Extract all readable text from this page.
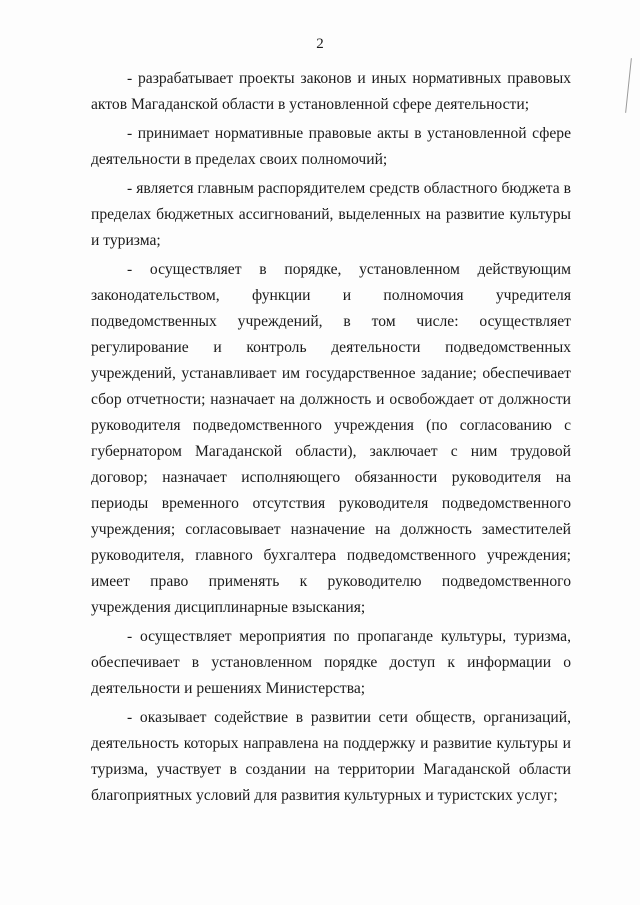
2

- разрабатывает проекты законов и иных нормативных правовых актов Магаданской области в установленной сфере деятельности;

- принимает нормативные правовые акты в установленной сфере деятельности в пределах своих полномочий;

- является главным распорядителем средств областного бюджета в пределах бюджетных ассигнований, выделенных на развитие культуры и туризма;

- осуществляет в порядке, установленном действующим законодательством, функции и полномочия учредителя подведомственных учреждений, в том числе: осуществляет регулирование и контроль деятельности подведомственных учреждений, устанавливает им государственное задание; обеспечивает сбор отчетности; назначает на должность и освобождает от должности руководителя подведомственного учреждения (по согласованию с губернатором Магаданской области), заключает с ним трудовой договор; назначает исполняющего обязанности руководителя на периоды временного отсутствия руководителя подведомственного учреждения; согласовывает назначение на должность заместителей руководителя, главного бухгалтера подведомственного учреждения; имеет право применять к руководителю подведомственного учреждения дисциплинарные взыскания;

- осуществляет мероприятия по пропаганде культуры, туризма, обеспечивает в установленном порядке доступ к информации о деятельности и решениях Министерства;

- оказывает содействие в развитии сети обществ, организаций, деятельность которых направлена на поддержку и развитие культуры и туризма, участвует в создании на территории Магаданской области благоприятных условий для развития культурных и туристских услуг;
